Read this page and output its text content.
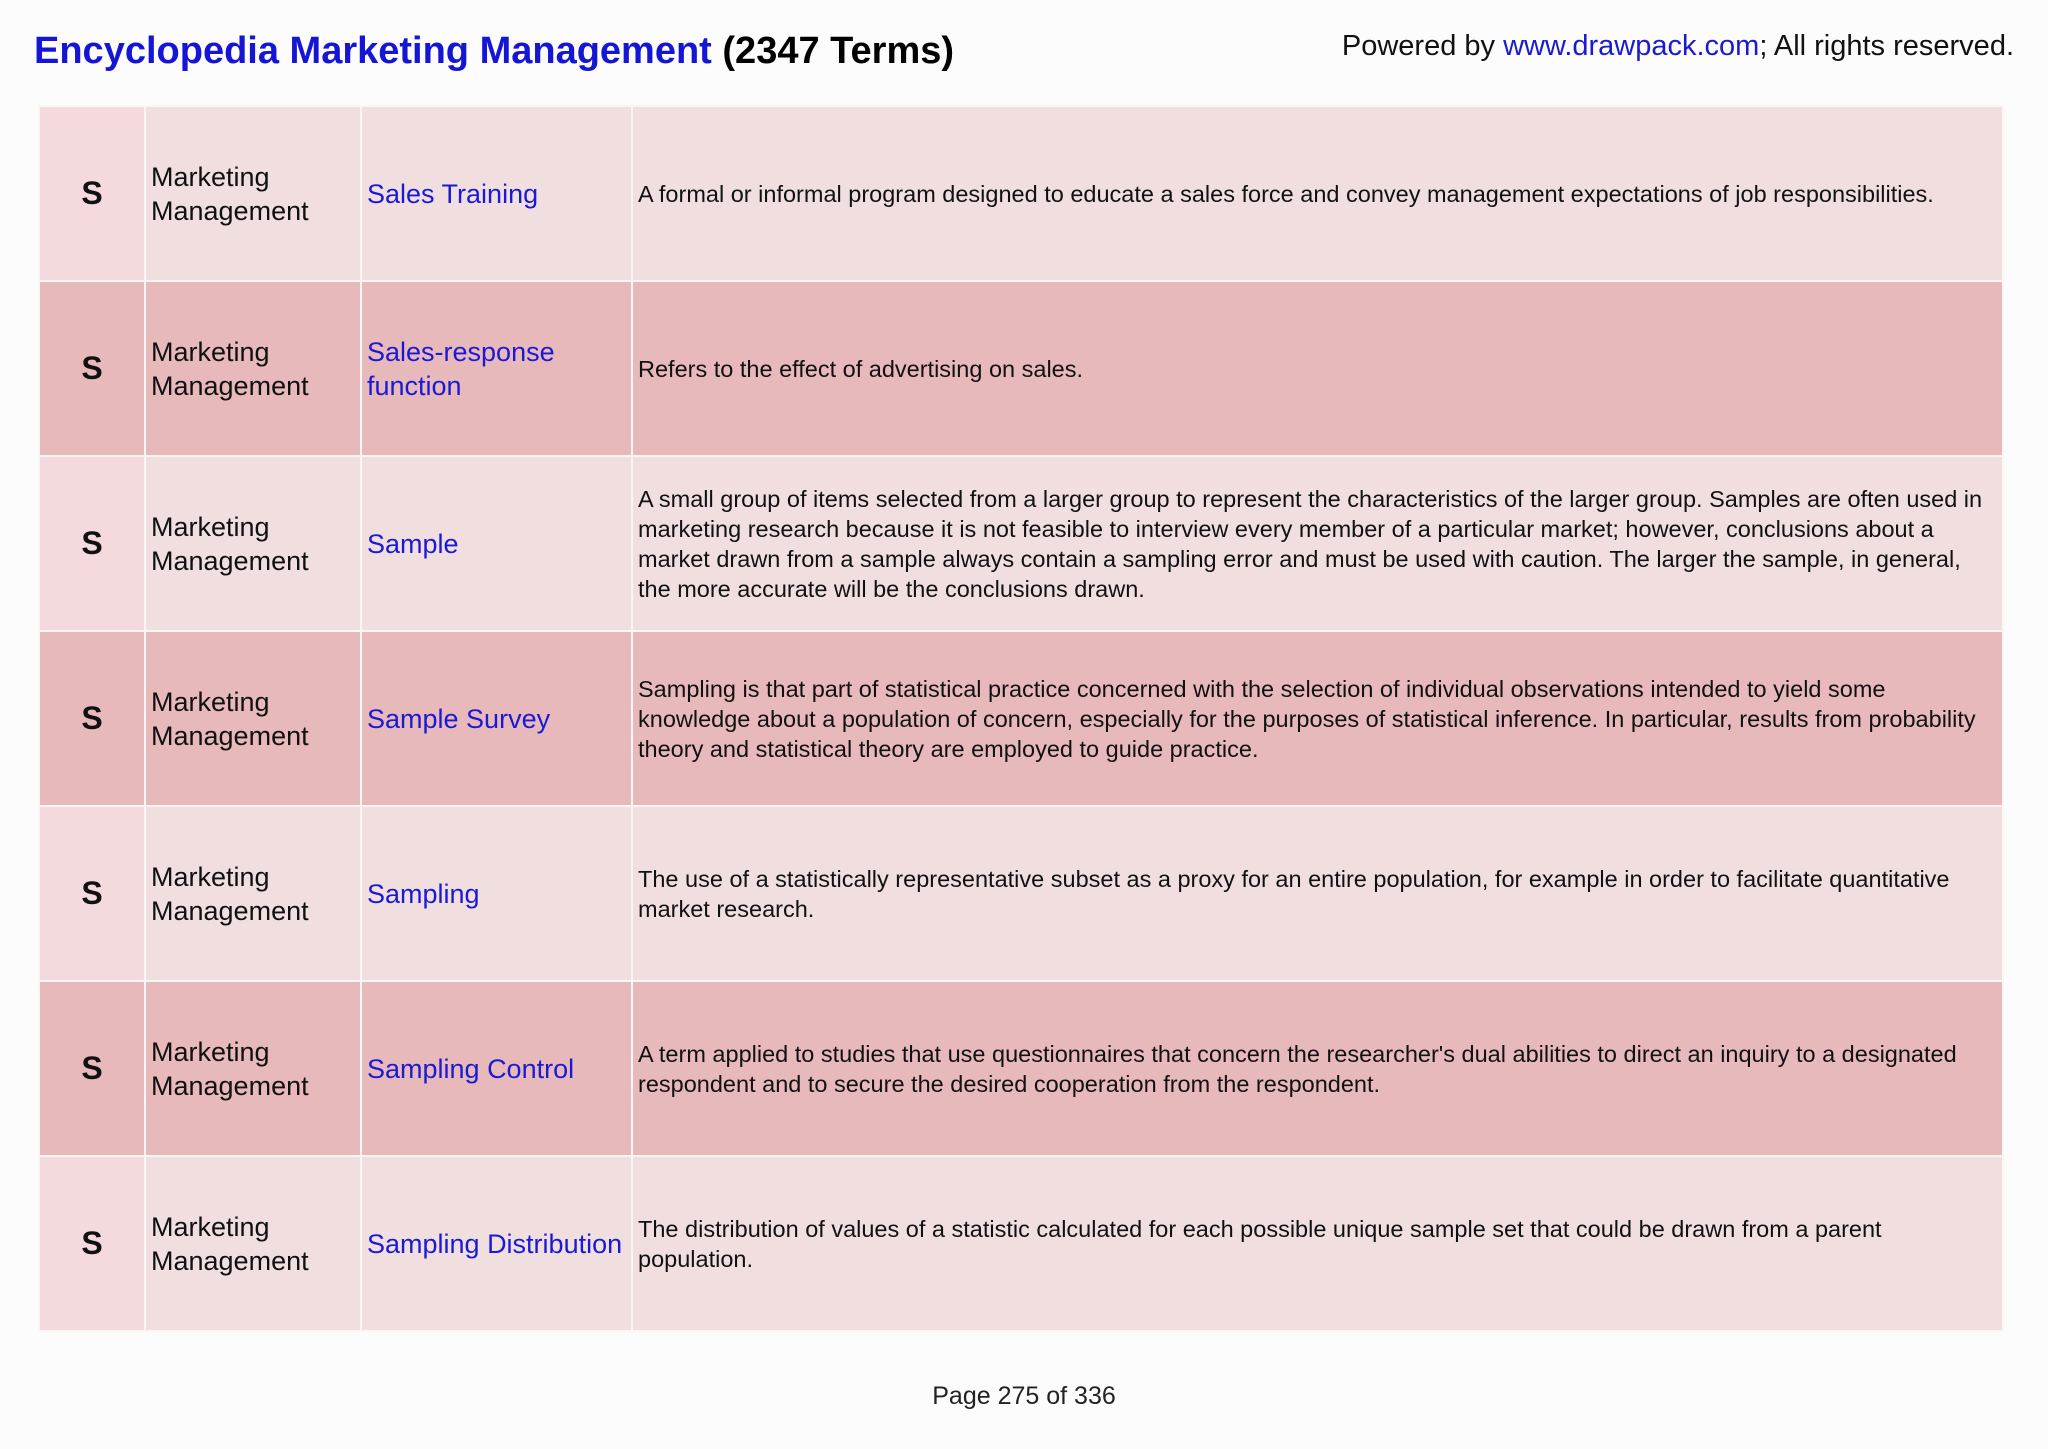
Encyclopedia Marketing Management (2347 Terms)	Powered by www.drawpack.com; All rights reserved.
S	Marketing Management	Sales Training	A formal or informal program designed to educate a sales force and convey management expectations of job responsibilities.
S	Marketing Management	Sales-response function	Refers to the effect of advertising on sales.
S	Marketing Management	Sample	A small group of items selected from a larger group to represent the characteristics of the larger group. Samples are often used in marketing research because it is not feasible to interview every member of a particular market; however, conclusions about a market drawn from a sample always contain a sampling error and must be used with caution. The larger the sample, in general, the more accurate will be the conclusions drawn.
S	Marketing Management	Sample Survey	Sampling is that part of statistical practice concerned with the selection of individual observations intended to yield some knowledge about a population of concern, especially for the purposes of statistical inference. In particular, results from probability theory and statistical theory are employed to guide practice.
S	Marketing Management	Sampling	The use of a statistically representative subset as a proxy for an entire population, for example in order to facilitate quantitative market research.
S	Marketing Management	Sampling Control	A term applied to studies that use questionnaires that concern the researcher's dual abilities to direct an inquiry to a designated respondent and to secure the desired cooperation from the respondent.
S	Marketing Management	Sampling Distribution	The distribution of values of a statistic calculated for each possible unique sample set that could be drawn from a parent population.
Page 275 of 336
